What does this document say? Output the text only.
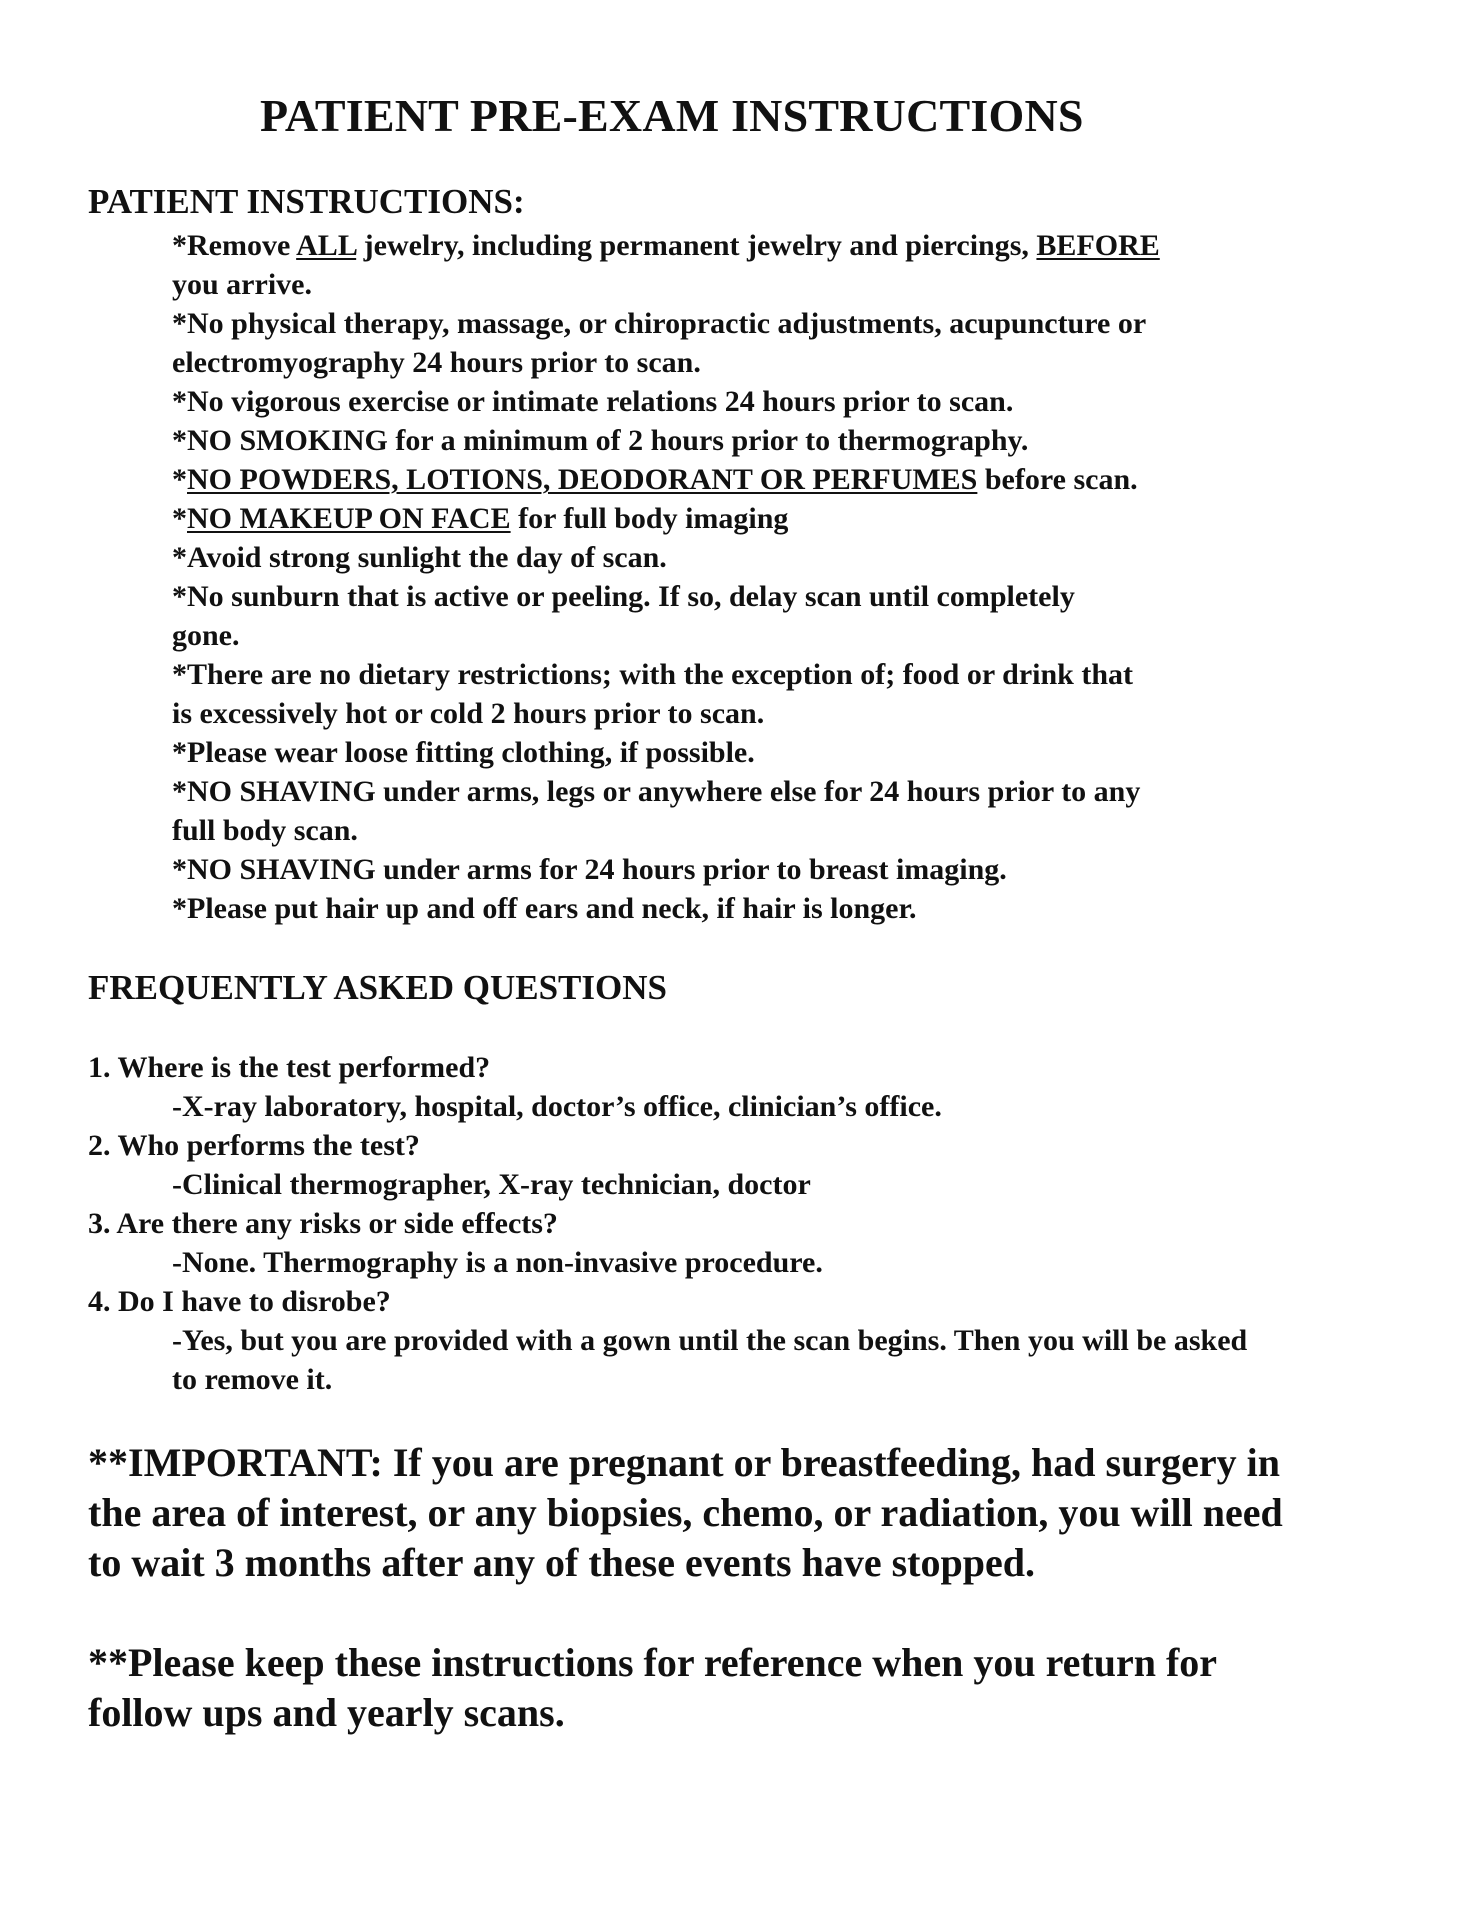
PATIENT PRE-EXAM INSTRUCTIONS
PATIENT INSTRUCTIONS:
*Remove ALL jewelry, including permanent jewelry and piercings, BEFORE
you arrive.
*No physical therapy, massage, or chiropractic adjustments, acupuncture or
electromyography 24 hours prior to scan.
*No vigorous exercise or intimate relations 24 hours prior to scan.
*NO SMOKING for a minimum of 2 hours prior to thermography.
*NO POWDERS, LOTIONS, DEODORANT OR PERFUMES before scan.
*NO MAKEUP ON FACE for full body imaging
*Avoid strong sunlight the day of scan.
*No sunburn that is active or peeling. If so, delay scan until completely
gone.
*There are no dietary restrictions; with the exception of; food or drink that
is excessively hot or cold 2 hours prior to scan.
*Please wear loose fitting clothing, if possible.
*NO SHAVING under arms, legs or anywhere else for 24 hours prior to any
full body scan.
*NO SHAVING under arms for 24 hours prior to breast imaging.
*Please put hair up and off ears and neck, if hair is longer.
FREQUENTLY ASKED QUESTIONS
1. Where is the test performed?
-X-ray laboratory, hospital, doctor’s office, clinician’s office.
2. Who performs the test?
-Clinical thermographer, X-ray technician, doctor
3. Are there any risks or side effects?
-None. Thermography is a non-invasive procedure.
4. Do I have to disrobe?
-Yes, but you are provided with a gown until the scan begins. Then you will be asked
to remove it.
**IMPORTANT: If you are pregnant or breastfeeding, had surgery in
the area of interest, or any biopsies, chemo, or radiation, you will need
to wait 3 months after any of these events have stopped.
**Please keep these instructions for reference when you return for
follow ups and yearly scans.
